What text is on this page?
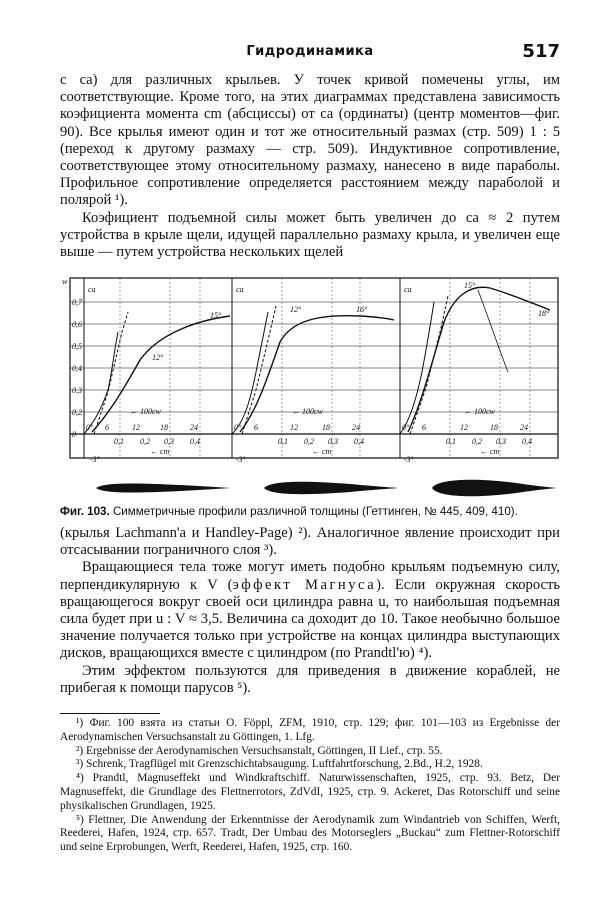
Гидродинамика	517

с ca) для различных крыльев. У точек кривой помечены углы, им соответствующие. Кроме того, на этих диаграммах представлена зависимость коэфициента момента cm (абсциссы) от ca (ординаты) (центр моментов—фиг. 90). Все крылья имеют один и тот же относительный размах (стр. 509) 1 : 5 (переход к другому размаху — стр. 509). Индуктивное сопротивление, соответствующее этому относительному размаху, нанесено в виде параболы. Профильное сопротивление определяется расстоянием между параболой и полярой ¹).

Коэфициент подъемной силы может быть увеличен до ca ≈ 2 путем устройства в крыле щели, идущей параллельно размаху крыла, и увеличен еще выше — путем устройства нескольких щелей

w
0,7
0,6
0,5
0,4
0,3
0,2
0
ca
12°
15°
← 100cw
← cm
-3°
0° 6	12	18	24
0,1 0,2 0,3 0,4
ca
12°	16°
← 100cw
← cm
-3°
0° 6	12	18	24
0,1 0,2 0,3 0,4
ca	15°
18°
← 100cw
← cm
-3°
0° 6	12	18	24
0,1 0,2 0,3 0,4
Фиг. 103. Симметричные профили различной толщины (Геттинген, № 445, 409, 410).

(крылья Lachmann'a и Handley-Page) ²). Аналогичное явление происходит при отсасывании пограничного слоя ³).

Вращающиеся тела тоже могут иметь подобно крыльям подъемную силу, перпендикулярную к V (эффект Магнуса). Если окружная скорость вращающегося вокруг своей оси цилиндра равна u, то наибольшая подъемная сила будет при u : V ≈ 3,5. Величина ca доходит до 10. Такое необычно большое значение получается только при устройстве на концах цилиндра выступающих дисков, вращающихся вместе с цилиндром (по Prandtl'ю) ⁴).

Этим эффектом пользуются для приведения в движение кораблей, не прибегая к помощи парусов ⁵).

¹) Фиг. 100 взята из статьи O. Föppl, ZFM, 1910, стр. 129; фиг. 101—103 из Ergebnisse der Aerodynamischen Versuchsanstalt zu Göttingen, 1. Lfg.

²) Ergebnisse der Aerodynamischen Versuchsanstalt, Göttingen, II Lief., стр. 55.

³) Schrenk, Tragflügel mit Grenzschichtabsaugung. Luftfahrtforschung, 2.Bd., H.2, 1928.

⁴) Prandtl, Magnuseffekt und Windkraftschiff. Naturwissenschaften, 1925, стр. 93. Betz, Der Magnuseffekt, die Grundlage des Flettnerrotors, ZdVdI, 1925, стр. 9. Ackeret, Das Rotorschiff und seine physikalischen Grundlagen, 1925.

⁵) Flettner, Die Anwendung der Erkenntnisse der Aerodynamik zum Windantrieb von Schiffen, Werft, Reederei, Hafen, 1924, стр. 657. Tradt, Der Umbau des Motorseglers „Buckau“ zum Flettner-Rotorschiff und seine Erprobungen, Werft, Reederei, Hafen, 1925, стр. 160.
